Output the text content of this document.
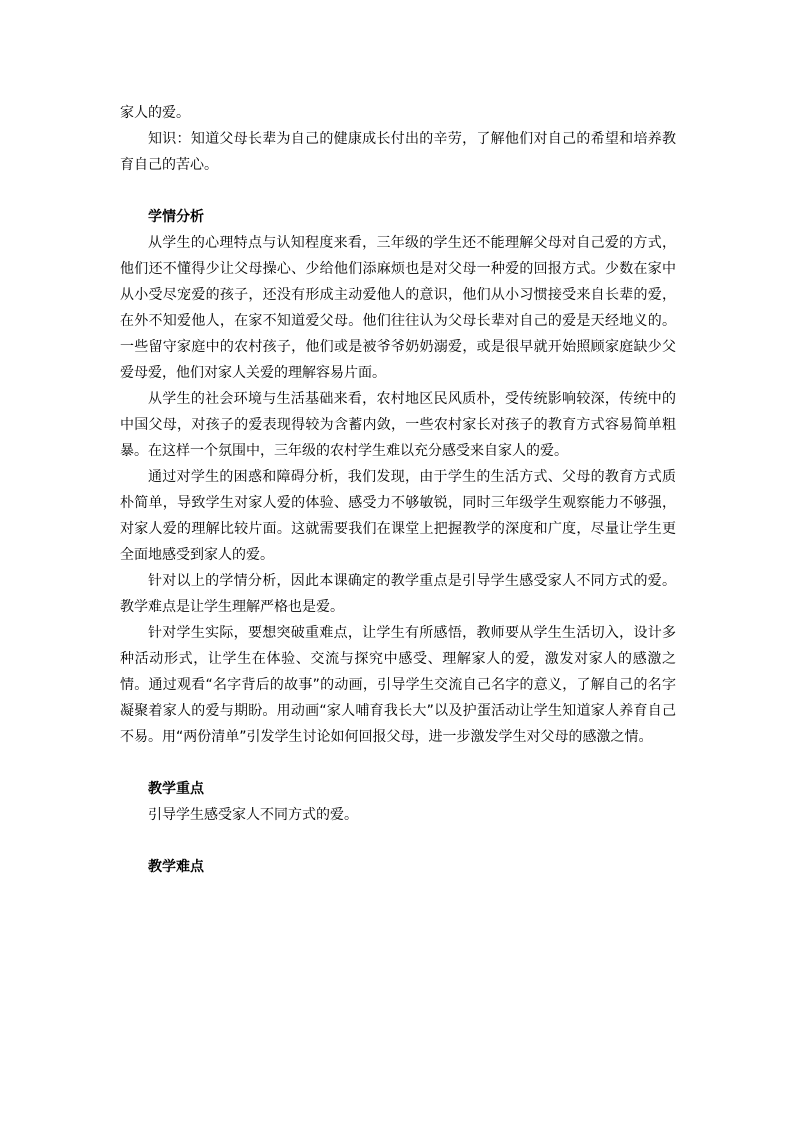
家人的爱。

知识：知道父母长辈为自己的健康成长付出的辛劳，了解他们对自己的希望和培养教育自己的苦心。

学情分析

从学生的心理特点与认知程度来看，三年级的学生还不能理解父母对自己爱的方式，他们还不懂得少让父母操心、少给他们添麻烦也是对父母一种爱的回报方式。少数在家中从小受尽宠爱的孩子，还没有形成主动爱他人的意识，他们从小习惯接受来自长辈的爱，在外不知爱他人，在家不知道爱父母。他们往往认为父母长辈对自己的爱是天经地义的。一些留守家庭中的农村孩子，他们或是被爷爷奶奶溺爱，或是很早就开始照顾家庭缺少父爱母爱，他们对家人关爱的理解容易片面。

从学生的社会环境与生活基础来看，农村地区民风质朴，受传统影响较深，传统中的中国父母，对孩子的爱表现得较为含蓄内敛，一些农村家长对孩子的教育方式容易简单粗暴。在这样一个氛围中，三年级的农村学生难以充分感受来自家人的爱。

通过对学生的困惑和障碍分析，我们发现，由于学生的生活方式、父母的教育方式质朴简单，导致学生对家人爱的体验、感受力不够敏锐，同时三年级学生观察能力不够强，对家人爱的理解比较片面。这就需要我们在课堂上把握教学的深度和广度，尽量让学生更全面地感受到家人的爱。

针对以上的学情分析，因此本课确定的教学重点是引导学生感受家人不同方式的爱。教学难点是让学生理解严格也是爱。

针对学生实际，要想突破重难点，让学生有所感悟，教师要从学生生活切入，设计多种活动形式，让学生在体验、交流与探究中感受、理解家人的爱，激发对家人的感激之情。通过观看“名字背后的故事”的动画，引导学生交流自己名字的意义，了解自己的名字凝聚着家人的爱与期盼。用动画“家人哺育我长大”以及护蛋活动让学生知道家人养育自己不易。用“两份清单”引发学生讨论如何回报父母，进一步激发学生对父母的感激之情。

教学重点

引导学生感受家人不同方式的爱。

教学难点
